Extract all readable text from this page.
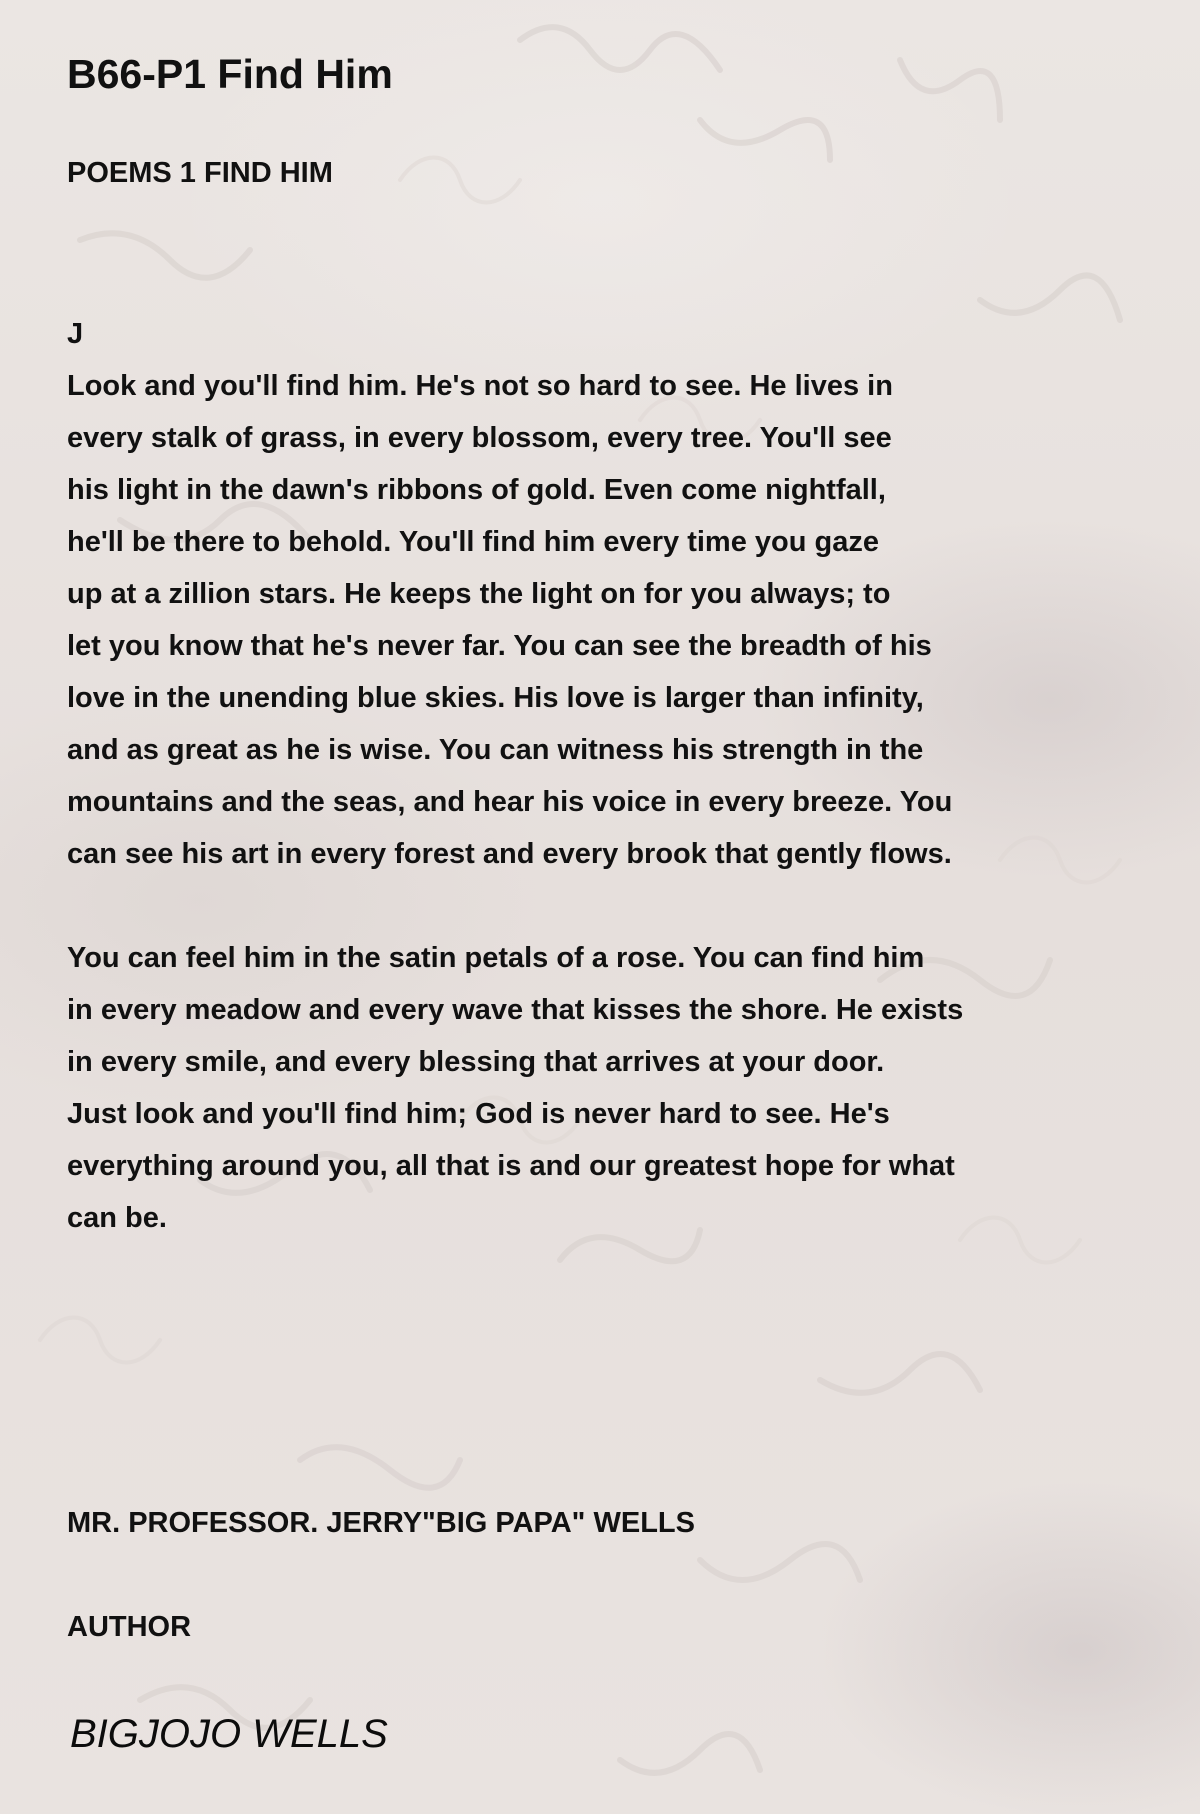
B66-P1 Find Him
POEMS 1 FIND HIM
J
Look and you'll find him. He's not so hard to see. He lives in
every stalk of grass, in every blossom, every tree. You'll see
his light in the dawn's ribbons of gold. Even come nightfall,
he'll be there to behold. You'll find him every time you gaze
up at a zillion stars. He keeps the light on for you always; to
let you know that he's never far. You can see the breadth of his
love in the unending blue skies. His love is larger than infinity,
and as great as he is wise. You can witness his strength in the
mountains and the seas, and hear his voice in every breeze. You
can see his art in every forest and every brook that gently flows.
You can feel him in the satin petals of a rose. You can find him
in every meadow and every wave that kisses the shore. He exists
in every smile, and every blessing that arrives at your door.
Just look and you'll find him; God is never hard to see. He's
everything around you, all that is and our greatest hope for what
can be.
MR. PROFESSOR. JERRY"BIG PAPA" WELLS
AUTHOR
BIGJOJO WELLS
